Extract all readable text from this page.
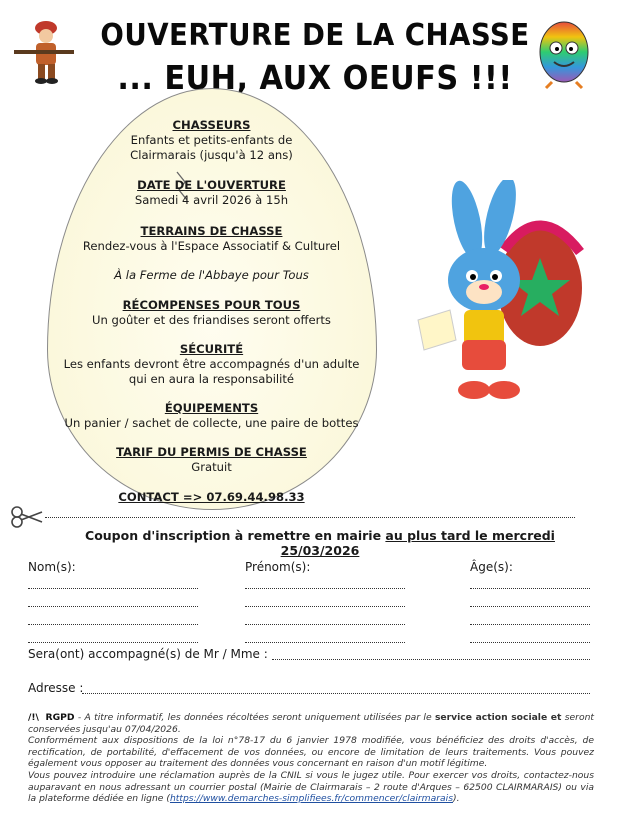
OUVERTURE DE LA CHASSE
... EUH, AUX OEUFS !!!
CHASSEURS
Enfants et petits-enfants de
Clairmarais (jusqu'à 12 ans)
DATE DE L'OUVERTURE
Samedi 4 avril 2026 à 15h
TERRAINS DE CHASSE
Rendez-vous à l'Espace Associatif & Culturel
À la Ferme de l'Abbaye pour Tous
RÉCOMPENSES POUR TOUS
Un goûter et des friandises seront offerts
SÉCURITÉ
Les enfants devront être accompagnés d'un adulte
qui en aura la responsabilité
ÉQUIPEMENTS
Un panier / sachet de collecte, une paire de bottes
TARIF DU PERMIS DE CHASSE
Gratuit
CONTACT => 07.69.44.98.33
Coupon d'inscription à remettre en mairie au plus tard le mercredi 25/03/2026
Nom(s):	Prénom(s):	Âge(s):
Sera(ont) accompagné(s) de Mr / Mme :
Adresse :
/!\ RGPD - A titre informatif, les données récoltées seront uniquement utilisées par le service action sociale et seront conservées jusqu'au 07/04/2026.
Conformément aux dispositions de la loi n°78-17 du 6 janvier 1978 modifiée, vous bénéficiez des droits d'accès, de rectification, de portabilité, d'effacement de vos données, ou encore de limitation de leurs traitements. Vous pouvez également vous opposer au traitement des données vous concernant en raison d'un motif légitime.
Vous pouvez introduire une réclamation auprès de la CNIL si vous le jugez utile. Pour exercer vos droits, contactez-nous auparavant en nous adressant un courrier postal (Mairie de Clairmarais – 2 route d'Arques – 62500 CLAIRMARAIS) ou via la plateforme dédiée en ligne (https://www.demarches-simplifiees.fr/commencer/clairmarais).
